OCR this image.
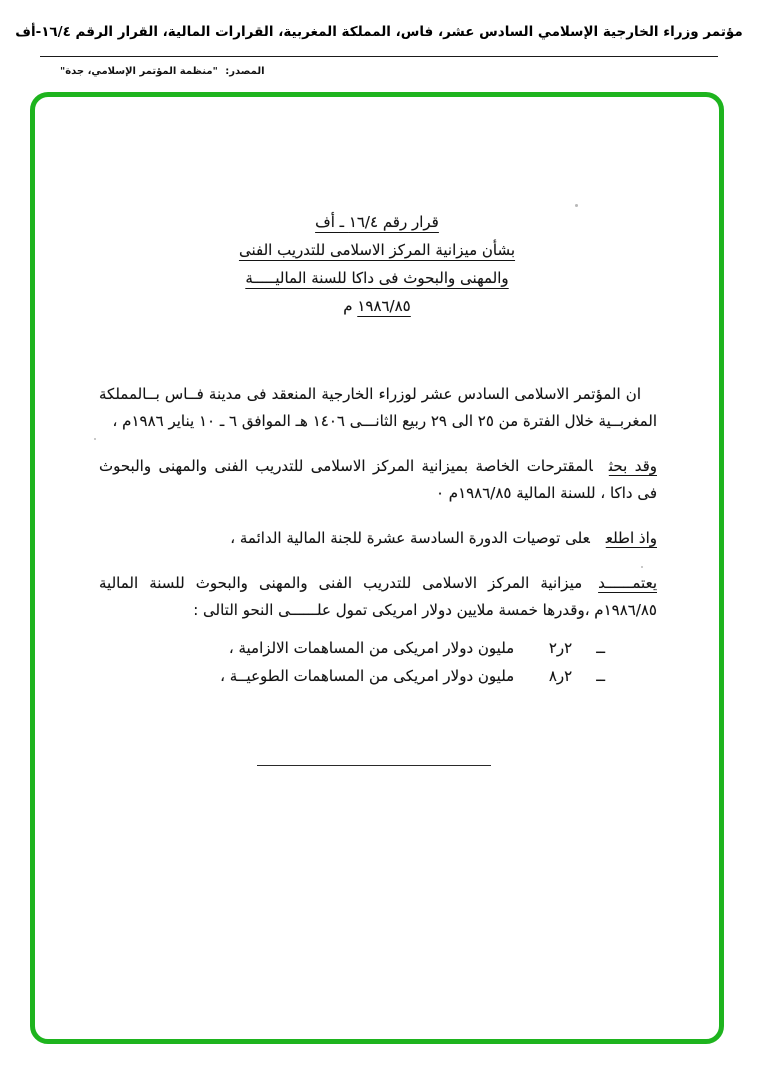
مؤتمر وزراء الخارجية الإسلامي السادس عشر، فاس، المملكة المغربية، القرارات المالية، القرار الرقم ١٦/٤-أف
المصدر: "منظمة المؤتمر الإسلامي، جدة"
قرار رقم ١٦/٤ ـ أف
بشأن ميزانية المركز الاسلامى للتدريب الفنى
والمهنى والبحوث فى داكا للسنة الماليـــــة
١٩٨٦/٨٥ م

ان المؤتمر الاسلامى السادس عشر لوزراء الخارجية المنعقد فى مدينة فــاس بــالمملكة المغربــية خلال الفترة من ٢٥ الى ٢٩ ربيع الثانـــى ١٤٠٦ هـ الموافق ٦ ـ ١٠ يناير ١٩٨٦م ،

وقد بحثالمقترحات الخاصة بميزانية المركز الاسلامى للتدريب الفنى والمهنى والبحوث فى داكا ، للسنة المالية ١٩٨٦/٨٥م ٠

واذ اطلععلى توصيات الدورة السادسة عشرة للجنة المالية الدائمة ،

يعتمــــــدميزانية المركز الاسلامى للتدريب الفنى والمهنى والبحوث للسنة المالية ١٩٨٦/٨٥م ،وقدرها خمسة ملايين دولار امريكى تمول علــــــى النحو التالى :

ــ
٢ر٢
مليون دولار امريكى من المساهمات الالزامية ،
ــ
٢ر٨
مليون دولار امريكى من المساهمات الطوعيــة ،
